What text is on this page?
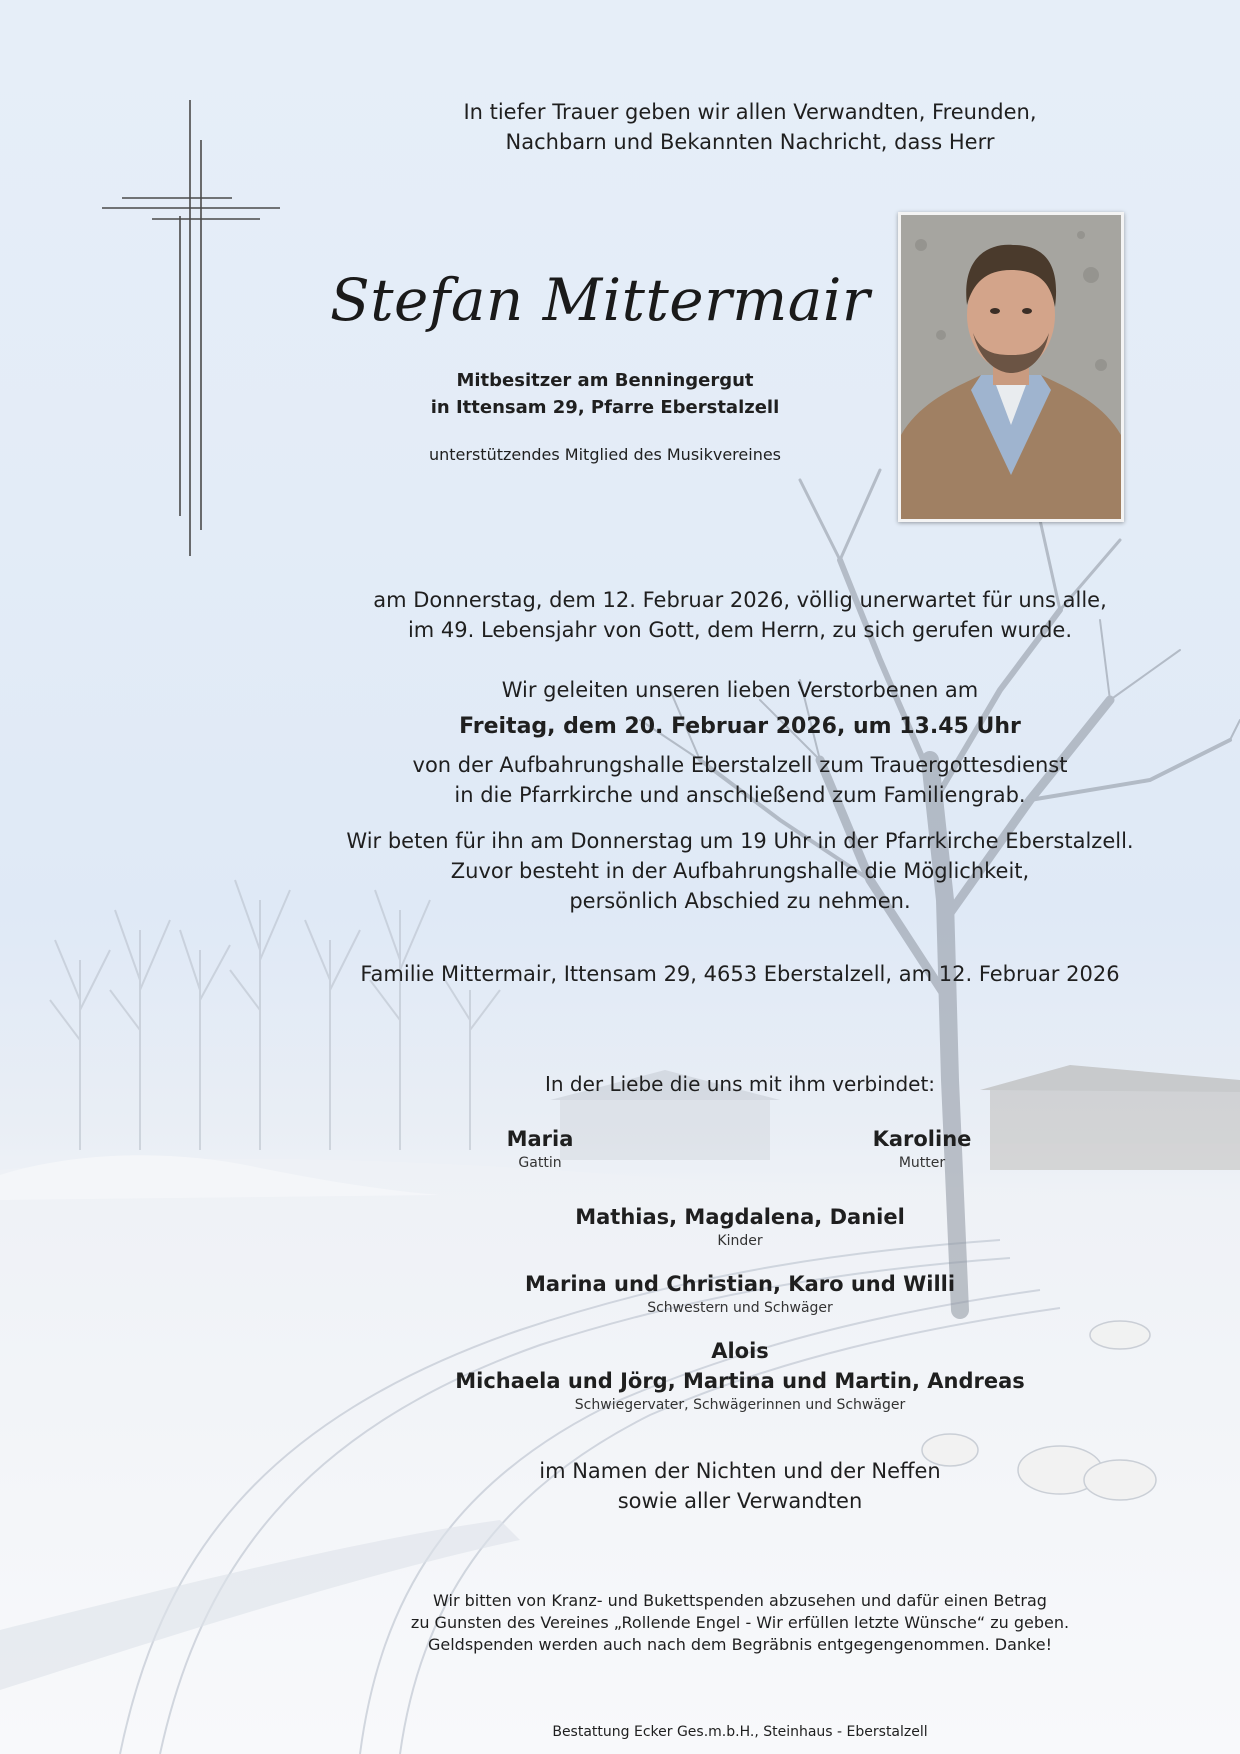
In tiefer Trauer geben wir allen Verwandten, Freunden,
Nachbarn und Bekannten Nachricht, dass Herr

Stefan Mittermair

Mitbesitzer am Benningergut
in Ittensam 29, Pfarre Eberstalzell

unterstützendes Mitglied des Musikvereines

am Donnerstag, dem 12. Februar 2026, völlig unerwartet für uns alle,
im 49. Lebensjahr von Gott, dem Herrn, zu sich gerufen wurde.

Wir geleiten unseren lieben Verstorbenen am

Freitag, dem 20. Februar 2026, um 13.45 Uhr

von der Aufbahrungshalle Eberstalzell zum Trauergottesdienst
in die Pfarrkirche und anschließend zum Familiengrab.

Wir beten für ihn am Donnerstag um 19 Uhr in der Pfarrkirche Eberstalzell.
Zuvor besteht in der Aufbahrungshalle die Möglichkeit,
persönlich Abschied zu nehmen.

Familie Mittermair, Ittensam 29, 4653 Eberstalzell, am 12. Februar 2026

In der Liebe die uns mit ihm verbindet:

Maria
Gattin
Karoline
Mutter
Mathias, Magdalena, Daniel
Kinder
Marina und Christian, Karo und Willi
Schwestern und Schwäger
Alois
Michaela und Jörg, Martina und Martin, Andreas
Schwiegervater, Schwägerinnen und Schwäger

im Namen der Nichten und der Neffen
sowie aller Verwandten

Wir bitten von Kranz- und Bukettspenden abzusehen und dafür einen Betrag
zu Gunsten des Vereines „Rollende Engel - Wir erfüllen letzte Wünsche“ zu geben.
Geldspenden werden auch nach dem Begräbnis entgegengenommen. Danke!

Bestattung Ecker Ges.m.b.H., Steinhaus - Eberstalzell
